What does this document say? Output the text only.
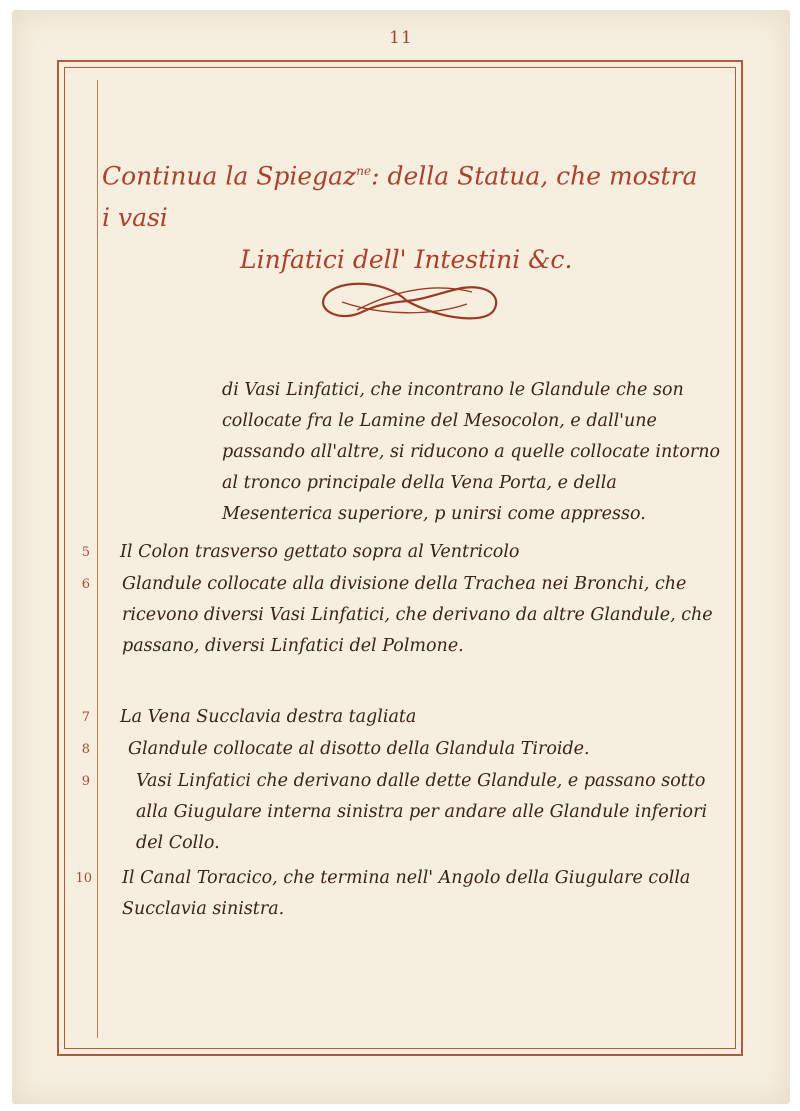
11
Continua la Spiegaz$^{ne}$: della Statua, che mostra i vasi
Linfatici dell' Intestini &c.
di Vasi Linfatici, che incontrano le Glandule che son collocate fra le Lamine del Mesocolon, e dall'une passando all'altre, si riducono a quelle collocate intorno al tronco principale della Vena Porta, e della Mesenterica superiore, p unirsi come appresso.
5 Il Colon trasverso gettato sopra al Ventricolo
6 Glandule collocate alla divisione della Trachea nei Bronchi, che ricevono diversi Vasi Linfatici, che derivano da altre Glandule, che passano, diversi Linfatici del Polmone.
7 La Vena Succlavia destra tagliata
8 Glandule collocate al disotto della Glandula Tiroide.
9	Vasi Linfatici che derivano dalle dette Glandule, e passano sotto alla Giugulare interna sinistra per andare alle Glandule inferiori del Collo.
10 Il Canal Toracico, che termina nell' Angolo della Giugulare colla Succlavia sinistra.
